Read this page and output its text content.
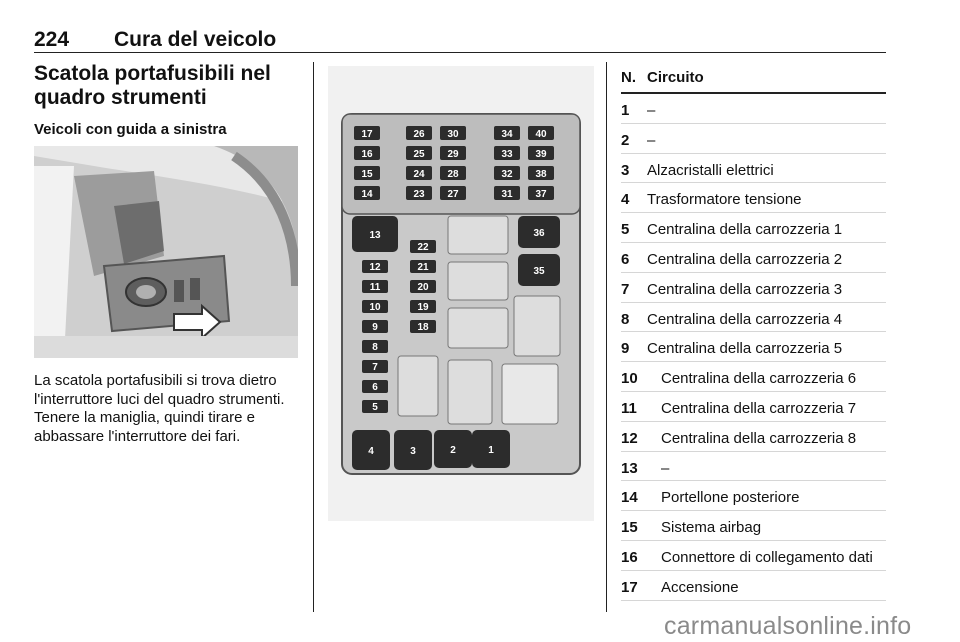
224 Cura del veicolo
Scatola portafusibili nel quadro strumenti
Veicoli con guida a sinistra
La scatola portafusibili si trova dietro l'interruttore luci del quadro strumenti. Tenere la maniglia, quindi tirare e abbassare l'interruttore dei fari.
17
16
15
14
26
25
24
23
30
29
28
27
34
33
32
31
40
39
38
37
12
11
10
9
8
7
6
5
22
21
20
19
18
13	36
35
4	3	2	1
N. Circuito
1 –
2 –
3 Alzacristalli elettrici
4 Trasformatore tensione
5 Centralina della carrozzeria 1
6 Centralina della carrozzeria 2
7 Centralina della carrozzeria 3
8 Centralina della carrozzeria 4
9 Centralina della carrozzeria 5
10 Centralina della carrozzeria 6
11 Centralina della carrozzeria 7
12 Centralina della carrozzeria 8
13 –
14 Portellone posteriore
15 Sistema airbag
16 Connettore di collegamento dati
17 Accensione
carmanualsonline.info
